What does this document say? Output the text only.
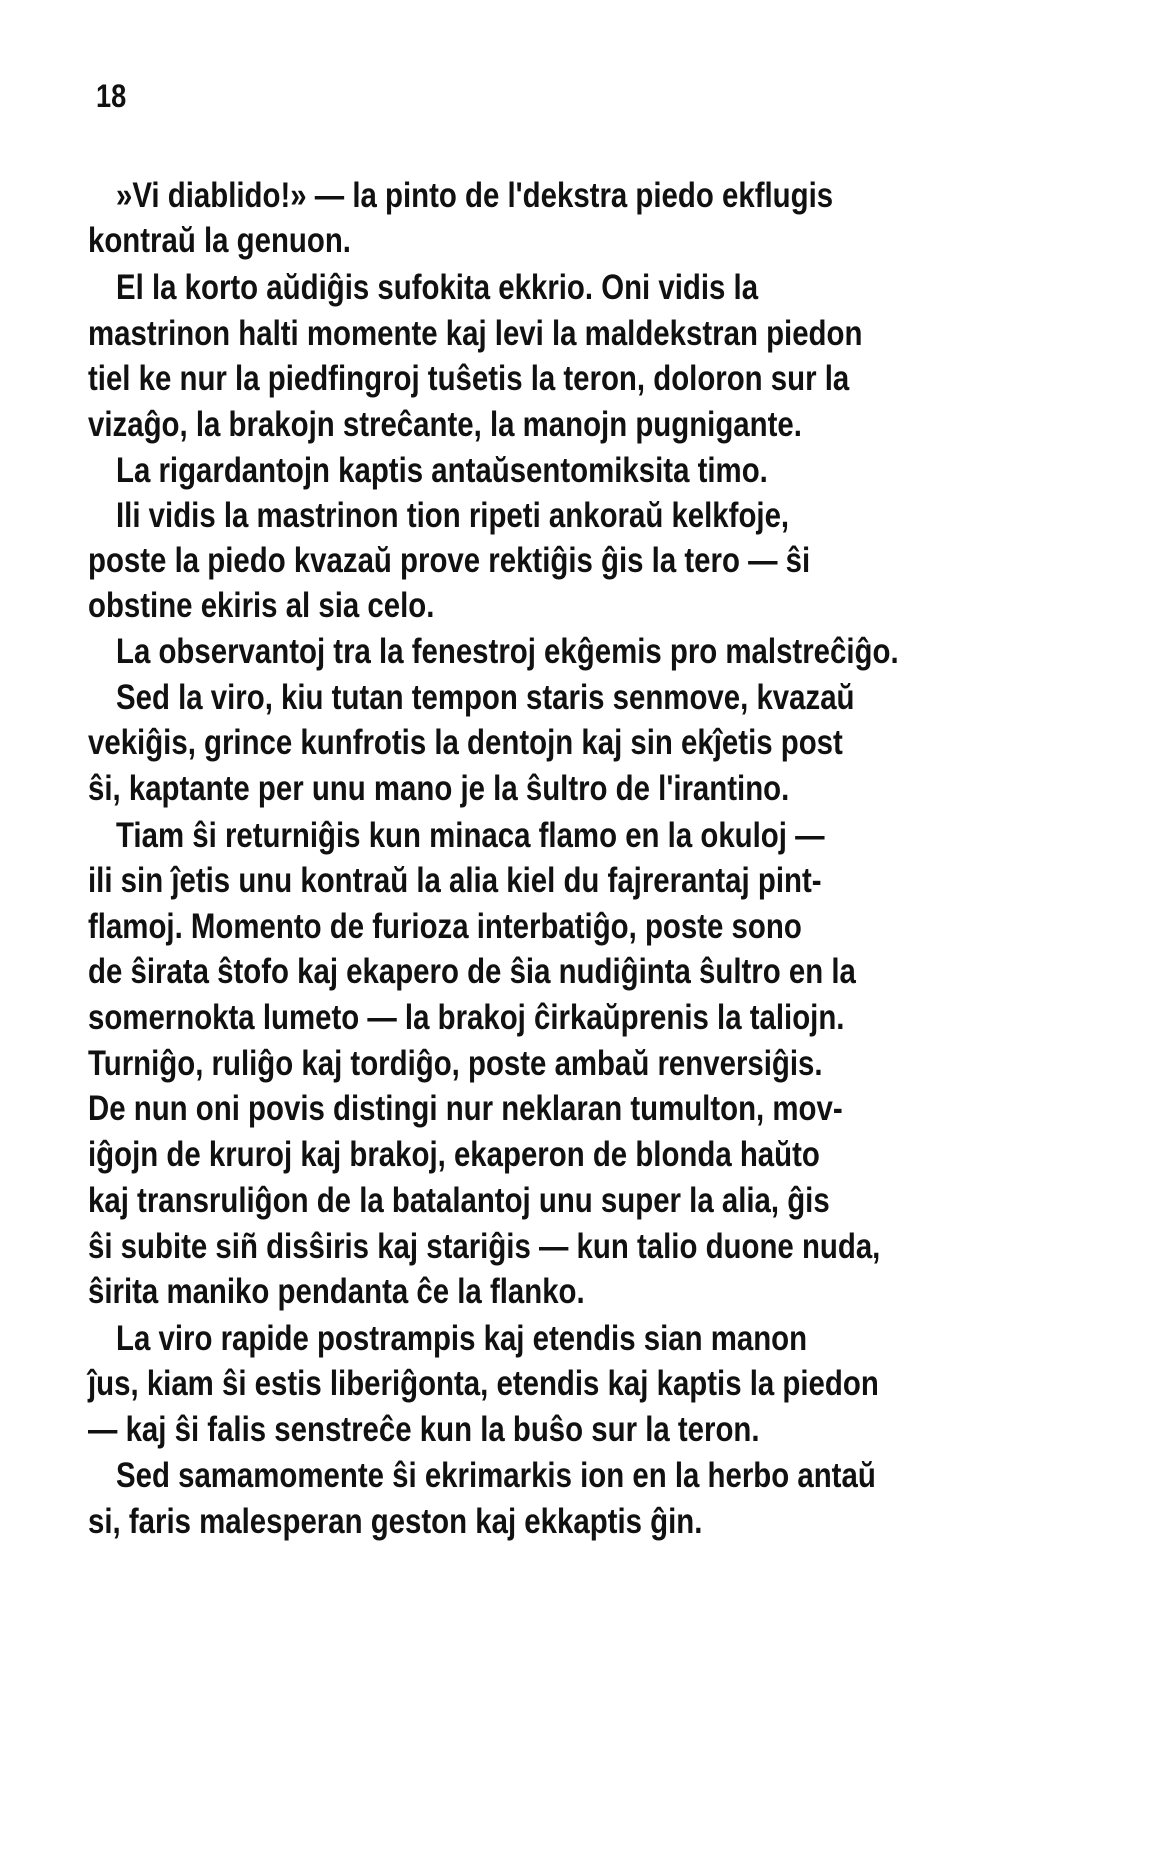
18
»Vi diablido!» — la pinto de l'dekstra piedo ekflugis
kontraŭ la genuon.
El la korto aŭdiĝis sufokita ekkrio. Oni vidis la
mastrinon halti momente kaj levi la maldekstran piedon
tiel ke nur la piedfingroj tuŝetis la teron, doloron sur la
vizaĝo, la brakojn streĉante, la manojn pugnigante.
La rigardantojn kaptis antaŭsentomiksita timo.
Ili vidis la mastrinon tion ripeti ankoraŭ kelkfoje,
poste la piedo kvazaŭ prove rektiĝis ĝis la tero — ŝi
obstine ekiris al sia celo.
La observantoj tra la fenestroj ekĝemis pro malstreĉiĝo.
Sed la viro, kiu tutan tempon staris senmove, kvazaŭ
vekiĝis, grince kunfrotis la dentojn kaj sin ekĵetis post
ŝi, kaptante per unu mano je la ŝultro de l'irantino.
Tiam ŝi returniĝis kun minaca flamo en la okuloj —
ili sin ĵetis unu kontraŭ la alia kiel du fajrerantaj pint-
flamoj. Momento de furioza interbatiĝo, poste sono
de ŝirata ŝtofo kaj ekapero de ŝia nudiĝinta ŝultro en la
somernokta lumeto — la brakoj ĉirkaŭprenis la taliojn.
Turniĝo, ruliĝo kaj tordiĝo, poste ambaŭ renversiĝis.
De nun oni povis distingi nur neklaran tumulton, mov-
iĝojn de kruroj kaj brakoj, ekaperon de blonda haŭto
kaj transruliĝon de la batalantoj unu super la alia, ĝis
ŝi subite siñ disŝiris kaj stariĝis — kun talio duone nuda,
ŝirita maniko pendanta ĉe la flanko.
La viro rapide postrampis kaj etendis sian manon
ĵus, kiam ŝi estis liberiĝonta, etendis kaj kaptis la piedon
— kaj ŝi falis senstreĉe kun la buŝo sur la teron.
Sed samamomente ŝi ekrimarkis ion en la herbo antaŭ
si, faris malesperan geston kaj ekkaptis ĝin.
